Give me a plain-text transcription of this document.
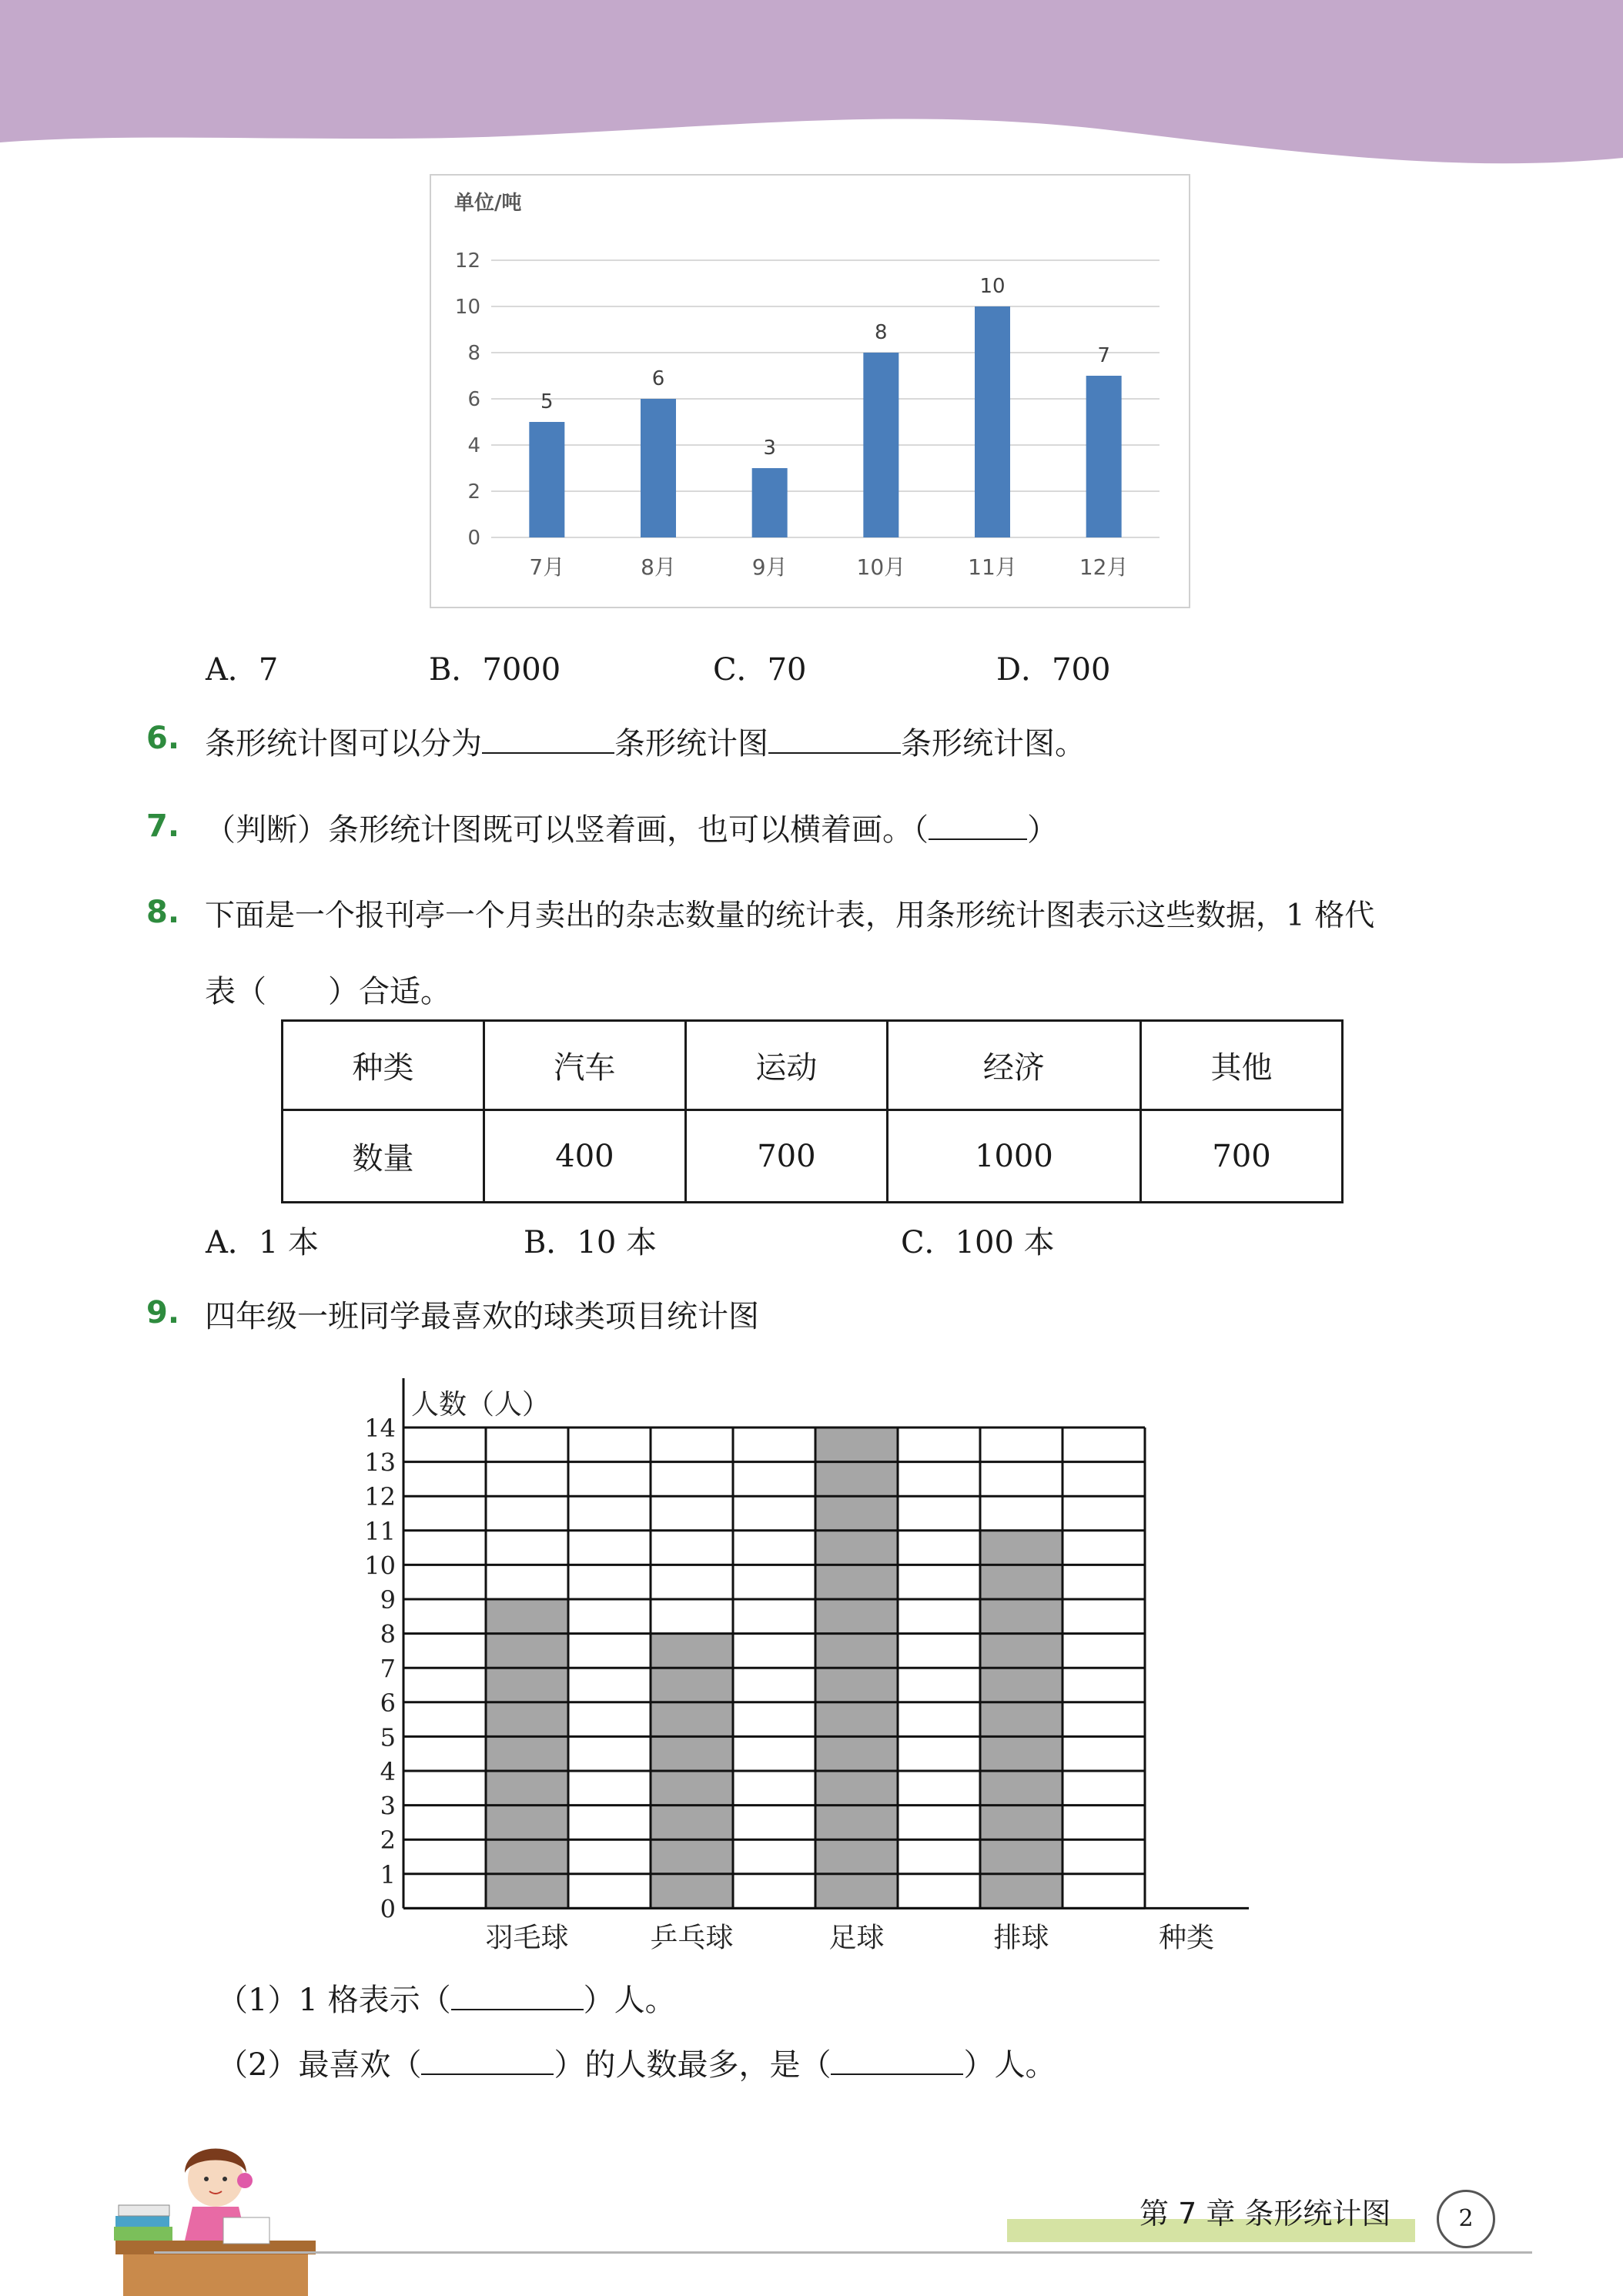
单位/吨
0
2
4
6
8
10
12
5
7月
6
8月
3
9月
8
10月
10
11月
7
12月
A．7	B．7000	C．70	D．700
6. 条形统计图可以分为	条形统计图	条形统计图。
7. （判断）条形统计图既可以竖着画，也可以横着画。（	）
8. 下面是一个报刊亭一个月卖出的杂志数量的统计表，用条形统计图表示这些数据，1 格代
表（　　）合适。
种类	汽车	运动	经济	其他
数量	400	700	1000	700
A．1 本	B．10 本	C．100 本
9. 四年级一班同学最喜欢的球类项目统计图
羽毛球	乒乓球	足球	排球
0
1
2
3
4
5
6
7
8
9
10
11
12
13
14
人数（人）
种类
（1）1 格表示（	）人。
（2）最喜欢（	）的人数最多，是（	）人。
第 7 章 条形统计图	2
